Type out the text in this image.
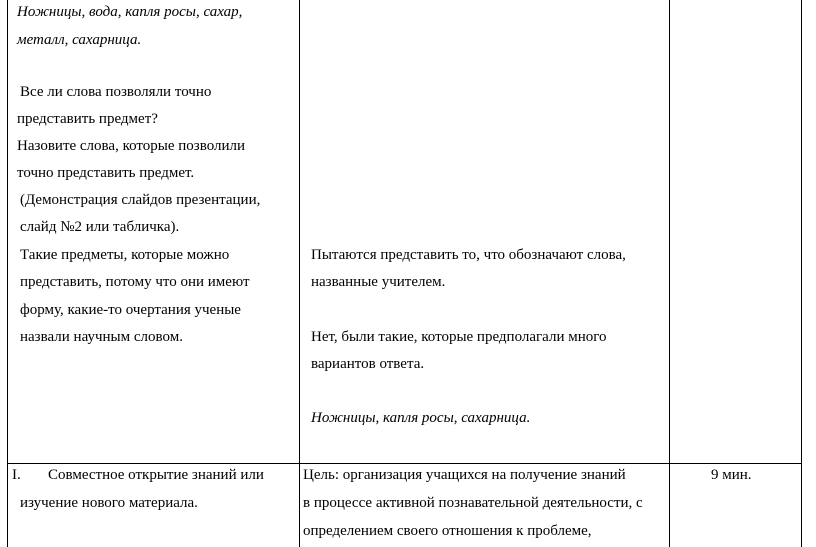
Ножницы, вода, капля росы, сахар,
металл, сахарница.
Все ли слова позволяли точно
представить предмет?
Назовите слова, которые позволили
точно представить предмет.
(Демонстрация слайдов презентации,
слайд №2 или табличка).
Такие предметы, которые можно
представить, потому что они имеют
форму, какие-то очертания ученые
назвали научным словом.
Пытаются представить то, что обозначают слова,
названные учителем.
Нет, были такие, которые предполагали много
вариантов ответа.
Ножницы, капля росы, сахарница.
I. Совместное открытие знаний или
изучение нового материала.
Цель: организация учащихся на получение знаний
в процессе активной познавательной деятельности, с
определением своего отношения к проблеме,
9 мин.
